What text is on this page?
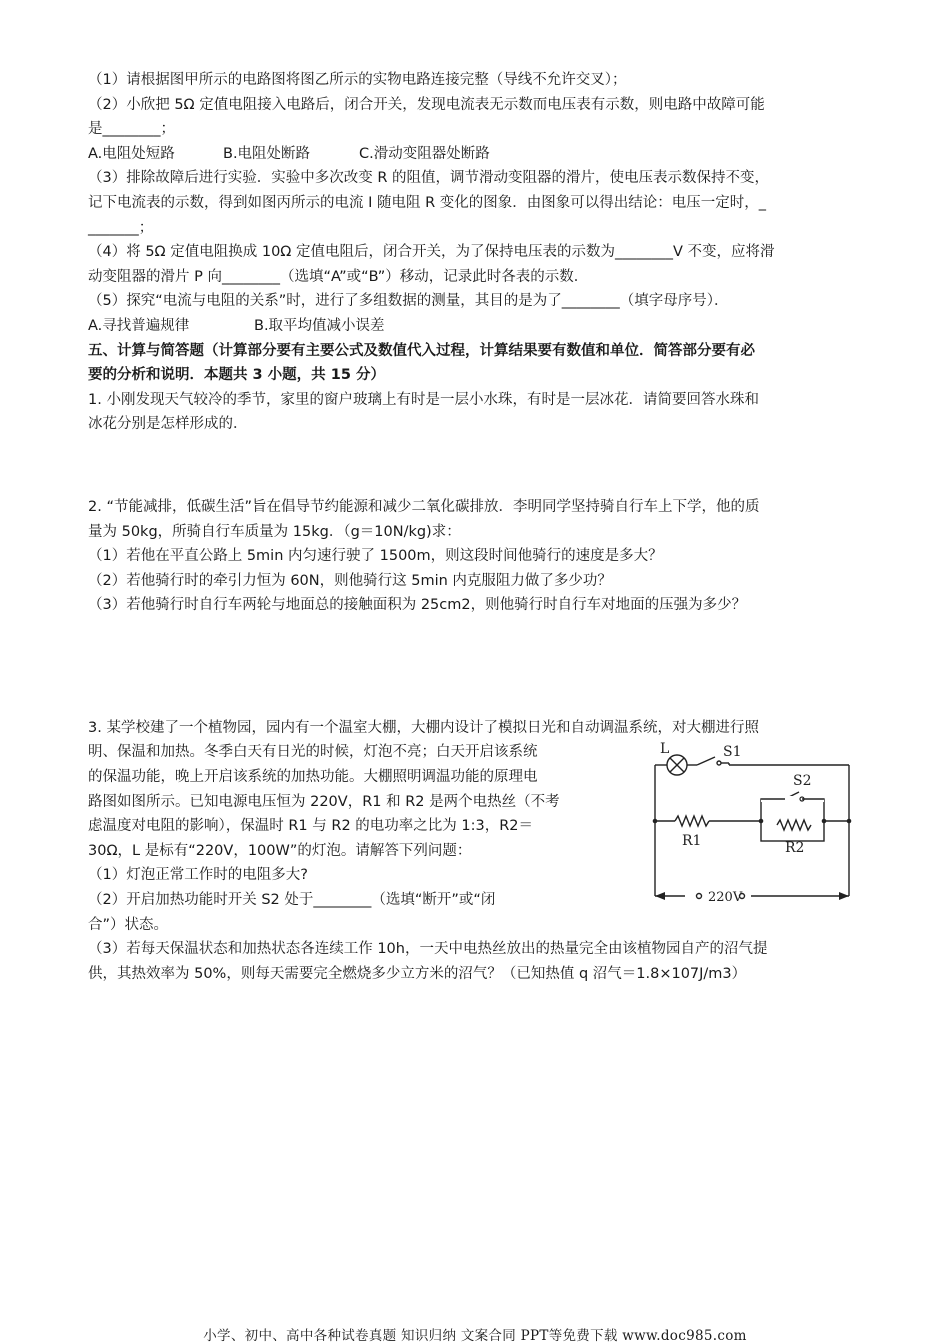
（1）请根据图甲所示的电路图将图乙所示的实物电路连接完整（导线不允许交叉）；
（2）小欣把 5Ω 定值电阻接入电路后，闭合开关，发现电流表无示数而电压表有示数，则电路中故障可能
是________；
A.电阻处短路	B.电阻处断路	C.滑动变阻器处断路
（3）排除故障后进行实验．实验中多次改变 R 的阻值，调节滑动变阻器的滑片，使电压表示数保持不变，
记下电流表的示数，得到如图丙所示的电流 I 随电阻 R 变化的图象．由图象可以得出结论：电压一定时，_
_______；
（4）将 5Ω 定值电阻换成 10Ω 定值电阻后，闭合开关，为了保持电压表的示数为________V 不变，应将滑
动变阻器的滑片 P 向________（选填“A”或“B”）移动，记录此时各表的示数．
（5）探究“电流与电阻的关系”时，进行了多组数据的测量，其目的是为了________（填字母序号）．
A.寻找普遍规律	B.取平均值减小误差
五、计算与简答题（计算部分要有主要公式及数值代入过程，计算结果要有数值和单位．简答部分要有必
要的分析和说明．本题共 3 小题，共 15 分）
1. 小刚发现天气较冷的季节，家里的窗户玻璃上有时是一层小水珠，有时是一层冰花．请简要回答水珠和
冰花分别是怎样形成的．
2. “节能减排，低碳生活”旨在倡导节约能源和减少二氧化碳排放．李明同学坚持骑自行车上下学，他的质
量为 50kg，所骑自行车质量为 15kg．（g＝10N/kg)求：
（1）若他在平直公路上 5min 内匀速行驶了 1500m，则这段时间他骑行的速度是多大？
（2）若他骑行时的牵引力恒为 60N，则他骑行这 5min 内克服阻力做了多少功？
（3）若他骑行时自行车两轮与地面总的接触面积为 25cm2，则他骑行时自行车对地面的压强为多少？
3. 某学校建了一个植物园，园内有一个温室大棚，大棚内设计了模拟日光和自动调温系统，对大棚进行照
明、保温和加热。冬季白天有日光的时候，灯泡不亮；白天开启该系统
的保温功能，晚上开启该系统的加热功能。大棚照明调温功能的原理电
路图如图所示。已知电源电压恒为 220V，R1 和 R2 是两个电热丝（不考
虑温度对电阻的影响），保温时 R1 与 R2 的电功率之比为 1:3，R2＝
30Ω，L 是标有“220V，100W”的灯泡。请解答下列问题：
（1）灯泡正常工作时的电阻多大?
（2）开启加热功能时开关 S2 处于________（选填“断开”或“闭
合”）状态。
（3）若每天保温状态和加热状态各连续工作 10h，一天中电热丝放出的热量完全由该植物园自产的沼气提
供，其热效率为 50%，则每天需要完全燃烧多少立方米的沼气？（已知热值 q 沼气＝1.8×107J/m3）
L	S1
S2
R1	R2
220V
小学、初中、高中各种试卷真题 知识归纳 文案合同 PPT等免费下载 www.doc985.com
